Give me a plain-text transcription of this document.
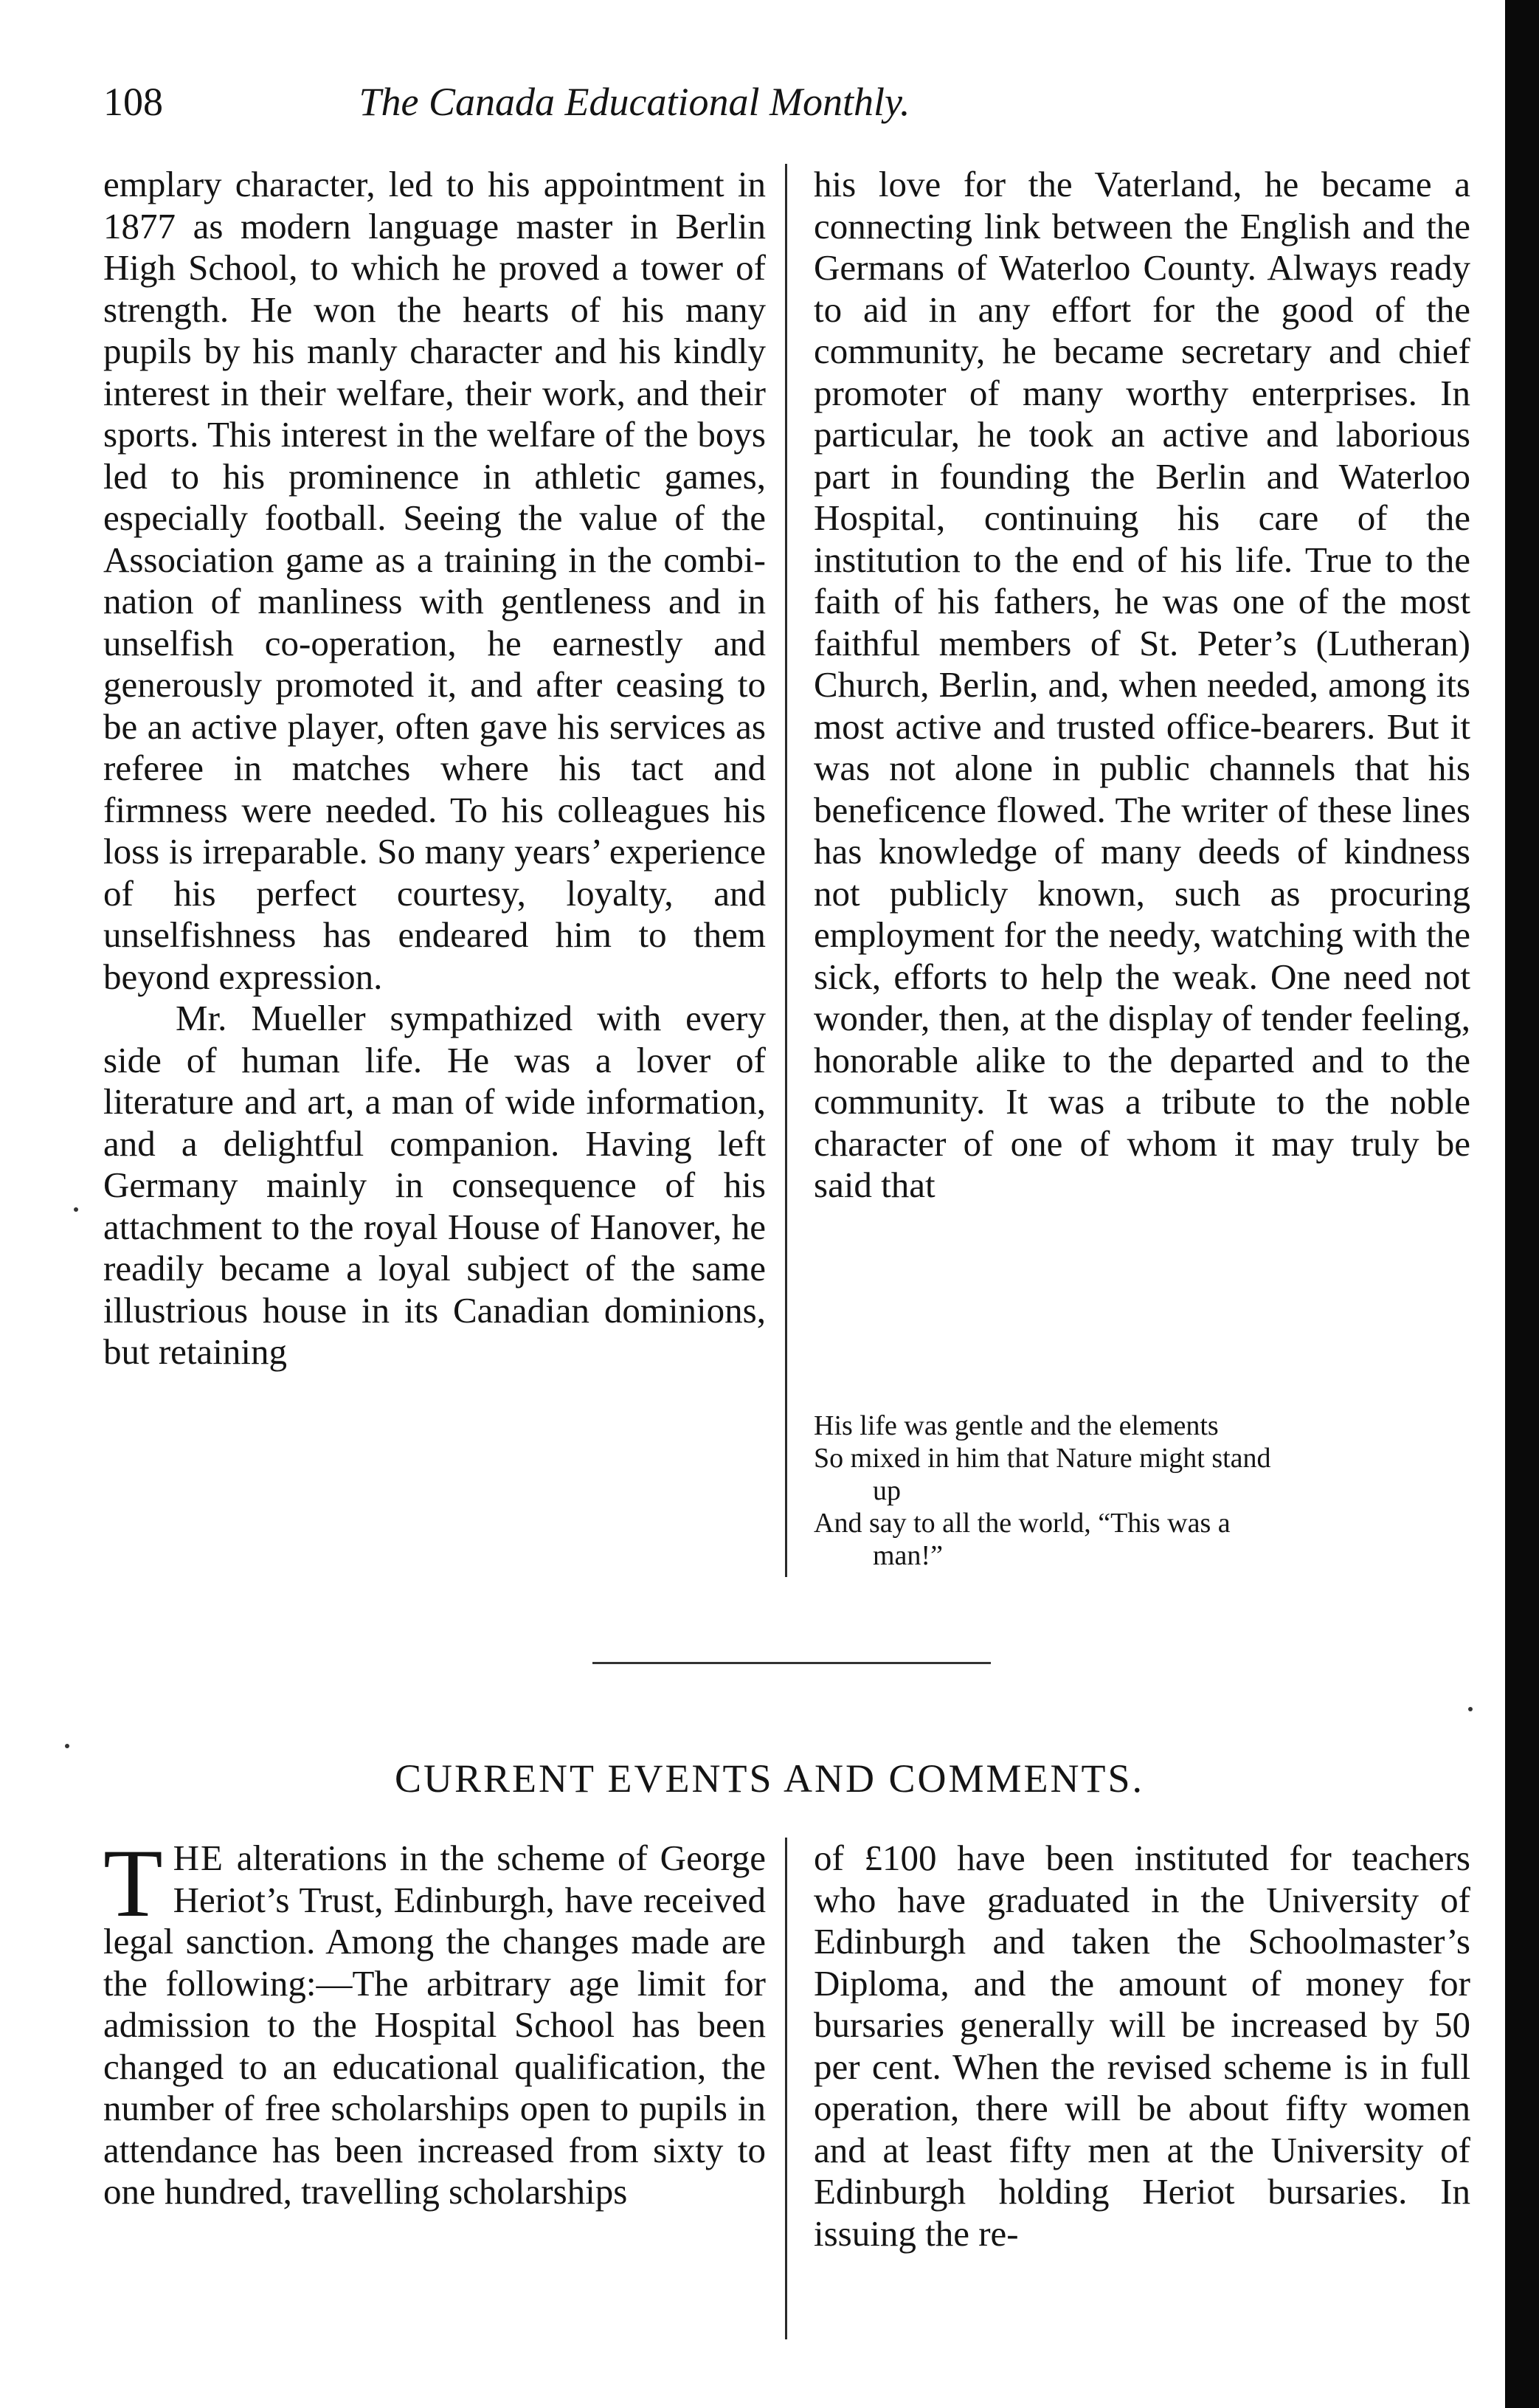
108	The Canada Educational Monthly.

emplary character, led to his appointment in 1877 as modern language master in Berlin High School, to which he proved a tower of strength. He won the hearts of his many pupils by his manly character and his kindly interest in their welfare, their work, and their sports. This interest in the welfare of the boys led to his prominence in athletic games, especially football. Seeing the value of the Association game as a training in the combination of manliness with gentleness and in unselfish co-operation, he earnestly and generously promoted it, and after ceasing to be an active player, often gave his services as referee in matches where his tact and firmness were needed. To his colleagues his loss is irreparable. So many years’ experience of his perfect courtesy, loyalty, and unselfishness has endeared him to them beyond expression.

Mr. Mueller sympathized with every side of human life. He was a lover of literature and art, a man of wide information, and a delightful companion. Having left Germany mainly in consequence of his attachment to the royal House of Hanover, he readily became a loyal subject of the same illustrious house in its Canadian dominions, but retaining

his love for the Vaterland, he became a connecting link between the English and the Germans of Waterloo County. Always ready to aid in any effort for the good of the community, he became secretary and chief promoter of many worthy enterprises. In particular, he took an active and laborious part in founding the Berlin and Waterloo Hospital, continuing his care of the institution to the end of his life. True to the faith of his fathers, he was one of the most faithful members of St. Peter’s (Lutheran) Church, Berlin, and, when needed, among its most active and trusted office-bearers. But it was not alone in public channels that his beneficence flowed. The writer of these lines has knowledge of many deeds of kindness not publicly known, such as procuring employment for the needy, watching with the sick, efforts to help the weak. One need not wonder, then, at the display of tender feeling, honorable alike to the departed and to the community. It was a tribute to the noble character of one of whom it may truly be said that

His life was gentle and the elements

So mixed in him that Nature might stand

up

And say to all the world, “This was a

man!”

CURRENT EVENTS AND COMMENTS.

THE alterations in the scheme of George Heriot’s Trust, Edinburgh, have received legal sanction. Among the changes made are the following:—The arbitrary age limit for admission to the Hospital School has been changed to an educational qualification, the number of free scholarships open to pupils in attendance has been increased from sixty to one hundred, travelling scholarships

of £100 have been instituted for teachers who have graduated in the University of Edinburgh and taken the Schoolmaster’s Diploma, and the amount of money for bursaries generally will be increased by 50 per cent. When the revised scheme is in full operation, there will be about fifty women and at least fifty men at the University of Edinburgh holding Heriot bursaries. In issuing the re-
